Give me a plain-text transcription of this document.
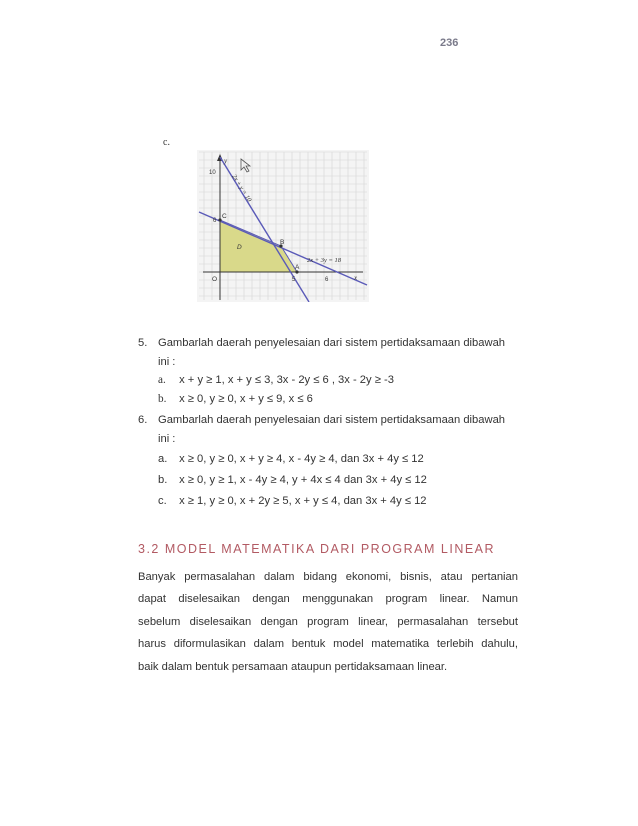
236
c.
10
6
5	6	x
y
O
A
B
C
D
2x + y = 10
2x + 3y = 18
5. Gambarlah daerah penyelesaian dari sistem pertidaksamaan dibawah
ini :
a. x + y ≥ 1, x + y ≤ 3, 3x - 2y ≤ 6 , 3x - 2y ≥ -3
b. x ≥ 0, y ≥ 0, x + y ≤ 9, x ≤ 6
6. Gambarlah daerah penyelesaian dari sistem pertidaksamaan dibawah
ini :
a. x ≥ 0, y ≥ 0, x + y ≥ 4, x - 4y ≥ 4, dan 3x + 4y ≤ 12
b. x ≥ 0, y ≥ 1, x - 4y ≥ 4, y + 4x ≤ 4 dan 3x + 4y ≤ 12
c. x ≥ 1, y ≥ 0, x + 2y ≥ 5, x + y ≤ 4, dan 3x + 4y ≤ 12
3.2 MODEL MATEMATIKA DARI PROGRAM LINEAR
Banyak permasalahan dalam bidang ekonomi, bisnis, atau pertanian
dapat diselesaikan dengan menggunakan program linear. Namun
sebelum diselesaikan dengan program linear, permasalahan tersebut
harus diformulasikan dalam bentuk model matematika terlebih dahulu,
baik dalam bentuk persamaan ataupun pertidaksamaan linear.
